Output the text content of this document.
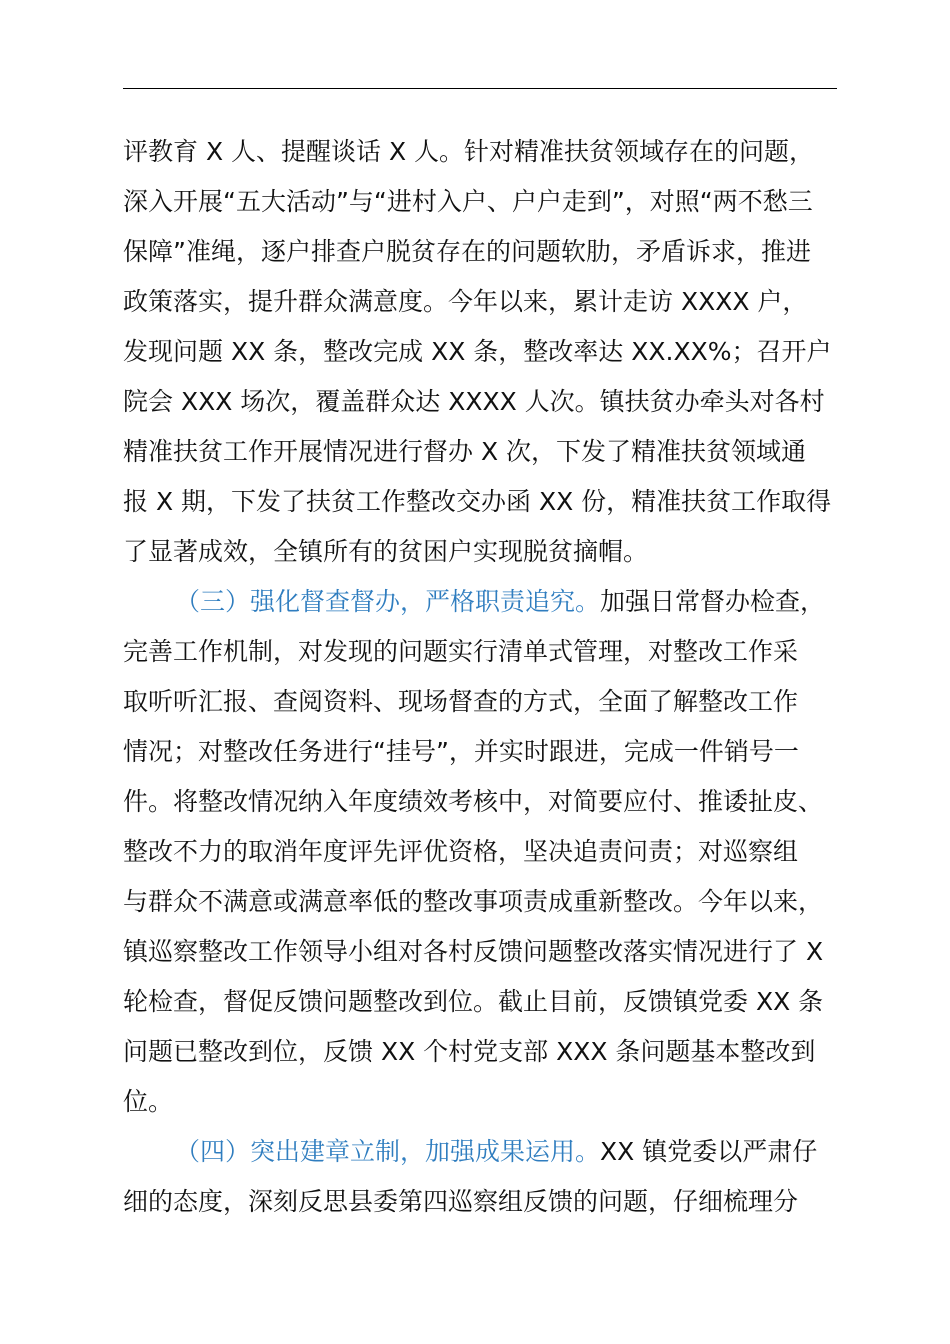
评教育 X 人、提醒谈话 X 人。针对精准扶贫领域存在的问题，
深入开展“五大活动”与“进村入户、户户走到”，对照“两不愁三
保障”准绳，逐户排查户脱贫存在的问题软肋，矛盾诉求，推进
政策落实，提升群众满意度。今年以来，累计走访 XXXX 户，
发现问题 XX 条，整改完成 XX 条，整改率达 XX.XX%；召开户
院会 XXX 场次，覆盖群众达 XXXX 人次。镇扶贫办牵头对各村
精准扶贫工作开展情况进行督办 X 次，下发了精准扶贫领域通
报 X 期，下发了扶贫工作整改交办函 XX 份，精准扶贫工作取得
了显著成效，全镇所有的贫困户实现脱贫摘帽。
（三）强化督查督办，严格职责追究。加强日常督办检查，
完善工作机制，对发现的问题实行清单式管理，对整改工作采
取听听汇报、查阅资料、现场督查的方式，全面了解整改工作
情况；对整改任务进行“挂号”，并实时跟进，完成一件销号一
件。将整改情况纳入年度绩效考核中，对简要应付、推诿扯皮、
整改不力的取消年度评先评优资格，坚决追责问责；对巡察组
与群众不满意或满意率低的整改事项责成重新整改。今年以来，
镇巡察整改工作领导小组对各村反馈问题整改落实情况进行了 X
轮检查，督促反馈问题整改到位。截止目前，反馈镇党委 XX 条
问题已整改到位，反馈 XX 个村党支部 XXX 条问题基本整改到
位。
（四）突出建章立制，加强成果运用。XX 镇党委以严肃仔
细的态度，深刻反思县委第四巡察组反馈的问题，仔细梳理分
